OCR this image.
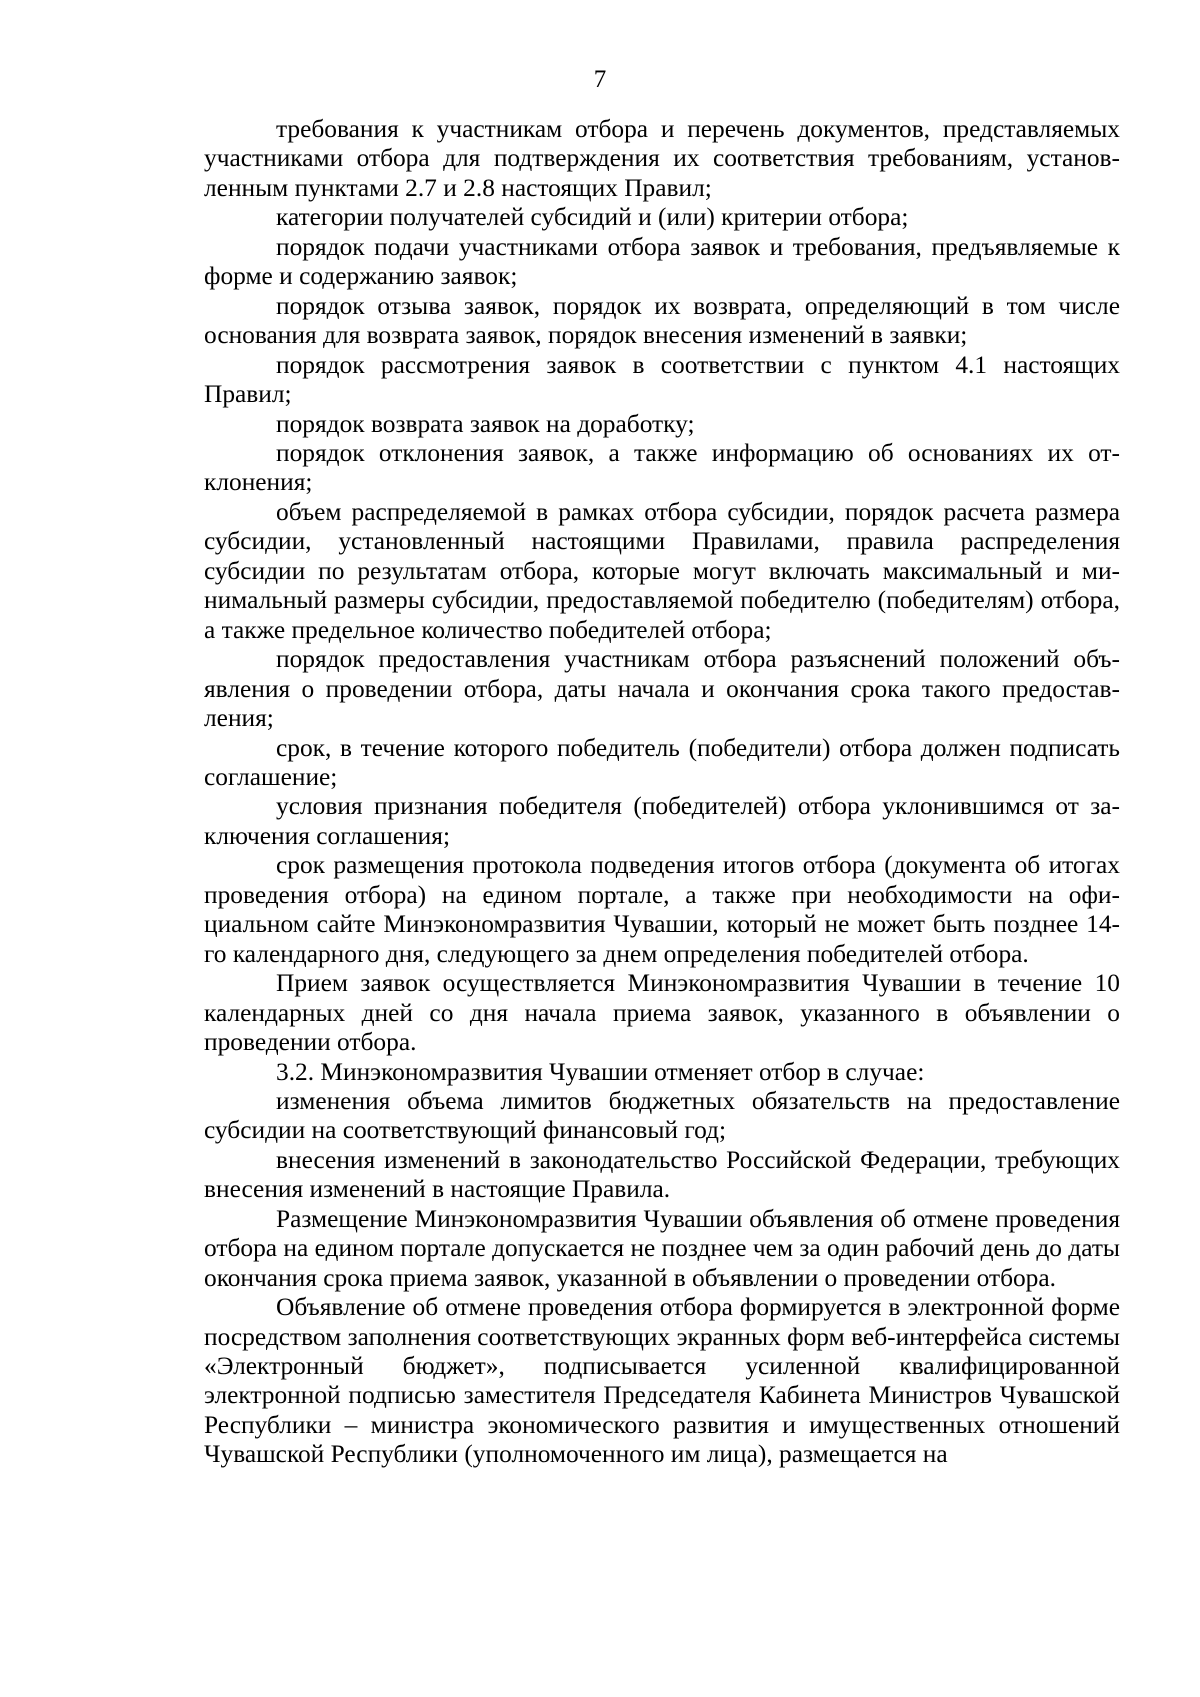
7

требования к участникам отбора и перечень документов, представляемых участниками отбора для подтверждения их соответствия требованиям, установленным пунктами 2.7 и 2.8 настоящих Правил;

категории получателей субсидий и (или) критерии отбора;

порядок подачи участниками отбора заявок и требования, предъявляемые к форме и содержанию заявок;

порядок отзыва заявок, порядок их возврата, определяющий в том числе основания для возврата заявок, порядок внесения изменений в заявки;

порядок рассмотрения заявок в соответствии с пунктом 4.1 настоящих Правил;

порядок возврата заявок на доработку;

порядок отклонения заявок, а также информацию об основаниях их отклонения;

объем распределяемой в рамках отбора субсидии, порядок расчета размера субсидии, установленный настоящими Правилами, правила распределения субсидии по результатам отбора, которые могут включать максимальный и минимальный размеры субсидии, предоставляемой победителю (победителям) отбора, а также предельное количество победителей отбора;

порядок предоставления участникам отбора разъяснений положений объявления о проведении отбора, даты начала и окончания срока такого предоставления;

срок, в течение которого победитель (победители) отбора должен подписать соглашение;

условия признания победителя (победителей) отбора уклонившимся от заключения соглашения;

срок размещения протокола подведения итогов отбора (документа об итогах проведения отбора) на едином портале, а также при необходимости на официальном сайте Минэкономразвития Чувашии, который не может быть позднее 14-го календарного дня, следующего за днем определения победителей отбора.

Прием заявок осуществляется Минэкономразвития Чувашии в течение 10 календарных дней со дня начала приема заявок, указанного в объявлении о проведении отбора.

3.2. Минэкономразвития Чувашии отменяет отбор в случае:

изменения объема лимитов бюджетных обязательств на предоставление субсидии на соответствующий финансовый год;

внесения изменений в законодательство Российской Федерации, требующих внесения изменений в настоящие Правила.

Размещение Минэкономразвития Чувашии объявления об отмене проведения отбора на едином портале допускается не позднее чем за один рабочий день до даты окончания срока приема заявок, указанной в объявлении о проведении отбора.

Объявление об отмене проведения отбора формируется в электронной форме посредством заполнения соответствующих экранных форм веб-интерфейса системы «Электронный бюджет», подписывается усиленной квалифицированной электронной подписью заместителя Председателя Кабинета Министров Чувашской Республики – министра экономического развития и имущественных отношений Чувашской Республики (уполномоченного им лица), размещается на
